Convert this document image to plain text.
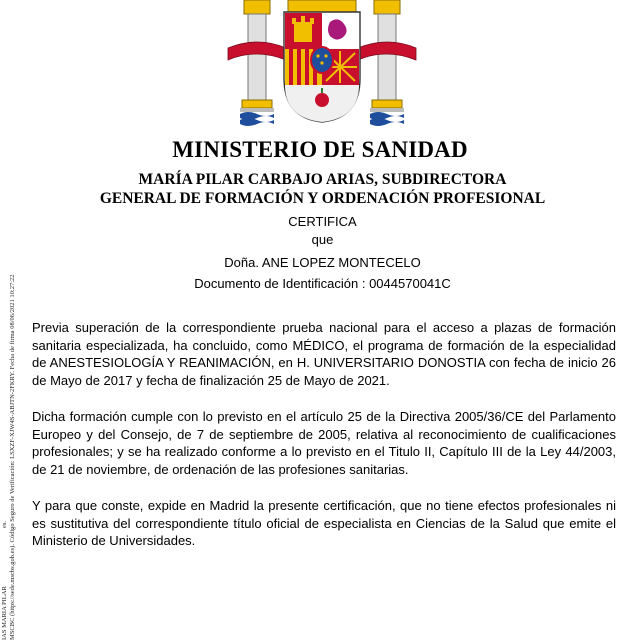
MINISTERIO DE SANIDAD
MARÍA PILAR CARBAJO ARIAS, SUBDIRECTORA
GENERAL DE FORMACIÓN Y ORDENACIÓN PROFESIONAL
CERTIFICA
que
Doña. ANE LOPEZ MONTECELO
Documento de Identificación : 0044570041C

Previa superación de la correspondiente prueba nacional para el acceso a plazas de formación sanitaria especializada, ha concluido, como MÉDICO, el programa de formación de la especialidad de ANESTESIOLOGÍA Y REANIMACIÓN, en H. UNIVERSITARIO DONOSTIA con fecha de inicio 26 de Mayo de 2017 y fecha de finalización 25 de Mayo de 2021.

Dicha formación cumple con lo previsto en el artículo 25 de la Directiva 2005/36/CE del Parlamento Europeo y del Consejo, de 7 de septiembre de 2005, relativa al reconocimiento de cualificaciones profesionales; y se ha realizado conforme a lo previsto en el Titulo II, Capítulo III de la Ley 44/2003, de 21 de noviembre, de ordenación de las profesiones sanitarias.

Y para que conste, expide en Madrid la presente certificación, que no tiene efectos profesionales ni es sustitutiva del correspondiente título oficial de especialista en Ciencias de la Salud que emite el Ministerio de Universidades.

IAS MARIA PILAR MSCBC (https://sede.mscbs.gob.es). Código Seguro de Verificación: LSXZF-XJW4S-ABJTN-2FKRY. Fecha de firma 08/06/2021 10:27:22
es.
